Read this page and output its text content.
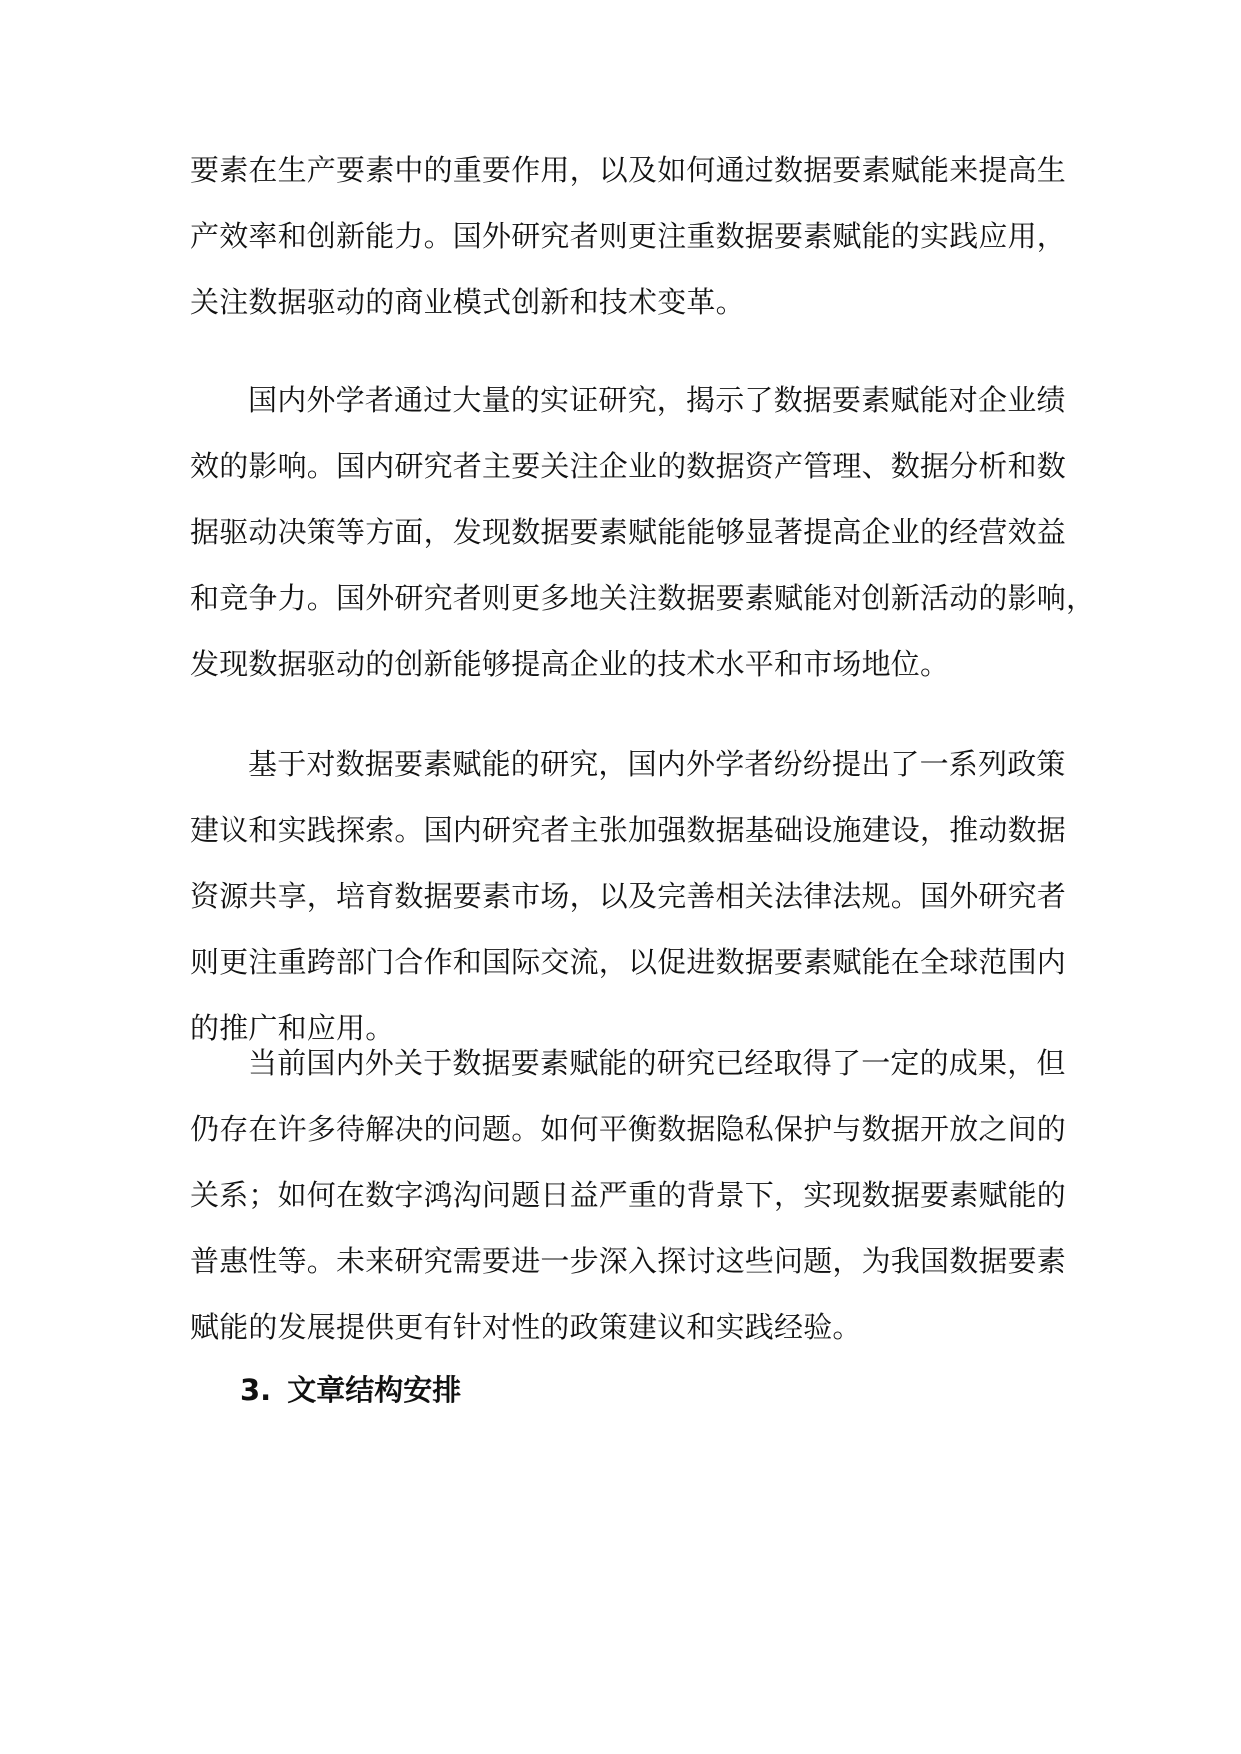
要素在生产要素中的重要作用，以及如何通过数据要素赋能来提高生
产效率和创新能力。国外研究者则更注重数据要素赋能的实践应用，
关注数据驱动的商业模式创新和技术变革。
国内外学者通过大量的实证研究，揭示了数据要素赋能对企业绩
效的影响。国内研究者主要关注企业的数据资产管理、数据分析和数
据驱动决策等方面，发现数据要素赋能能够显著提高企业的经营效益
和竞争力。国外研究者则更多地关注数据要素赋能对创新活动的影响，
发现数据驱动的创新能够提高企业的技术水平和市场地位。
基于对数据要素赋能的研究，国内外学者纷纷提出了一系列政策
建议和实践探索。国内研究者主张加强数据基础设施建设，推动数据
资源共享，培育数据要素市场，以及完善相关法律法规。国外研究者
则更注重跨部门合作和国际交流，以促进数据要素赋能在全球范围内
的推广和应用。
当前国内外关于数据要素赋能的研究已经取得了一定的成果，但
仍存在许多待解决的问题。如何平衡数据隐私保护与数据开放之间的
关系；如何在数字鸿沟问题日益严重的背景下，实现数据要素赋能的
普惠性等。未来研究需要进一步深入探讨这些问题，为我国数据要素
赋能的发展提供更有针对性的政策建议和实践经验。
3. 文章结构安排
